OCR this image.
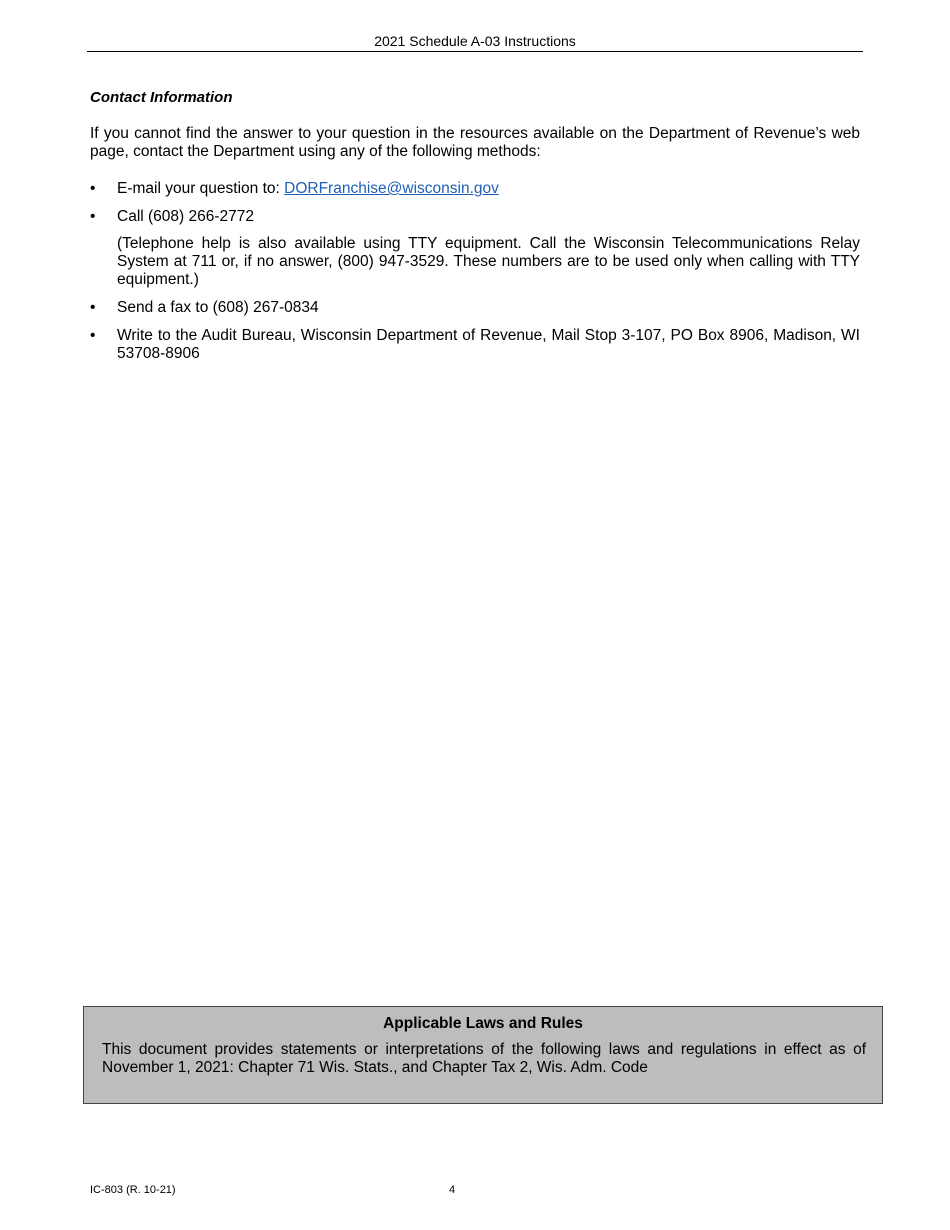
2021 Schedule A-03 Instructions
Contact Information
If you cannot find the answer to your question in the resources available on the Department of Revenue’s web page, contact the Department using any of the following methods:
•	E-mail your question to: DORFranchise@wisconsin.gov
•	Call (608) 266-2772
(Telephone help is also available using TTY equipment. Call the Wisconsin Telecommunications Relay System at 711 or, if no answer, (800) 947-3529. These numbers are to be used only when calling with TTY equipment.)
•	Send a fax to (608) 267-0834
•	Write to the Audit Bureau, Wisconsin Department of Revenue, Mail Stop 3-107, PO Box 8906, Madison, WI 53708-8906
Applicable Laws and Rules
This document provides statements or interpretations of the following laws and regulations in effect as of November 1, 2021: Chapter 71 Wis. Stats., and Chapter Tax 2, Wis. Adm. Code
IC-803 (R. 10-21)	4
